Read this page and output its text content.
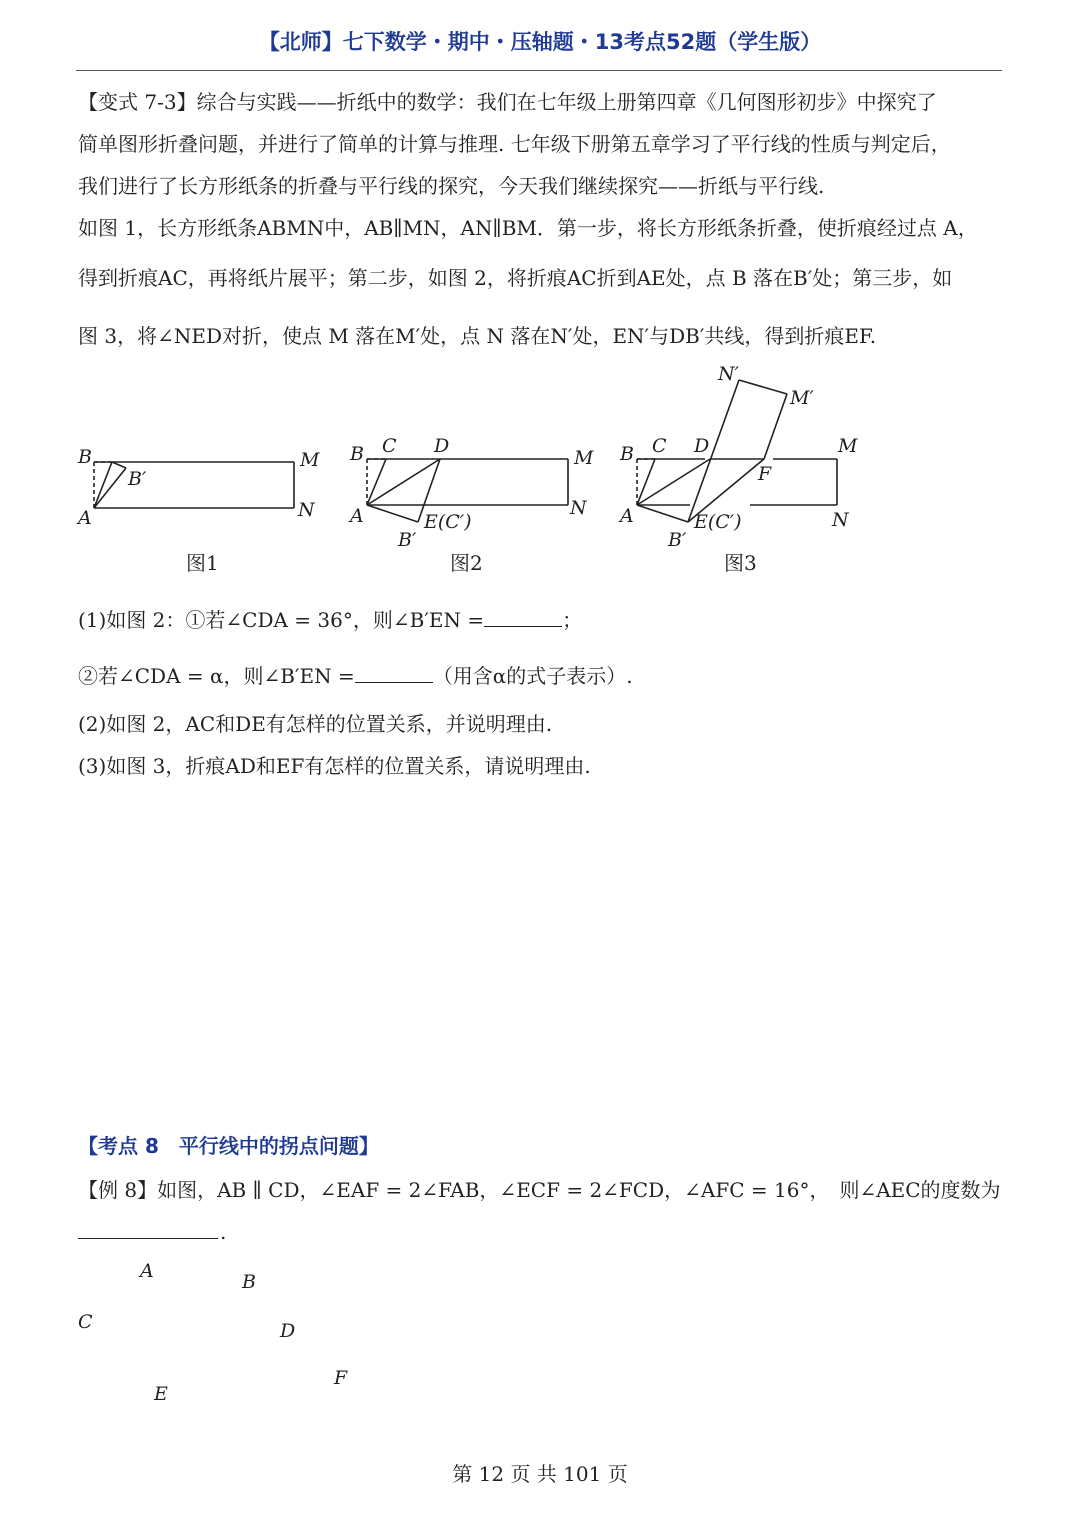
【北师】七下数学・期中・压轴题・13考点52题（学生版）
【变式 7-3】综合与实践——折纸中的数学：我们在七年级上册第四章《几何图形初步》中探究了
简单图形折叠问题，并进行了简单的计算与推理. 七年级下册第五章学习了平行线的性质与判定后，
我们进行了长方形纸条的折叠与平行线的探究，今天我们继续探究——折纸与平行线.
如图 1，长方形纸条ABMN中，AB∥MN，AN∥BM．第一步，将长方形纸条折叠，使折痕经过点 A，
得到折痕AC，再将纸片展平；第二步，如图 2，将折痕AC折到AE处，点 B 落在B′处；第三步，如
图 3，将∠NED对折，使点 M 落在M′处，点 N 落在N′处，EN′与DB′共线，得到折痕EF.
B
B′
M
A	N
图1
B C D
M
A	N
E(C′)
B′
图2
B C D	M
A	N
E(C′)
B′
F
N′
M′
图3
(1)如图 2：①若∠CDA = 36°，则∠B′EN =	；
②若∠CDA = α，则∠B′EN =	（用含α的式子表示）.
(2)如图 2，AC和DE有怎样的位置关系，并说明理由.
(3)如图 3，折痕AD和EF有怎样的位置关系，请说明理由.
【考点 8　平行线中的拐点问题】
【例 8】如图，AB ∥ CD，∠EAF = 2∠FAB，∠ECF = 2∠FCD，∠AFC = 16°，　则∠AEC的度数为
.
A	B
C	D
E
F
第 12 页 共 101 页
